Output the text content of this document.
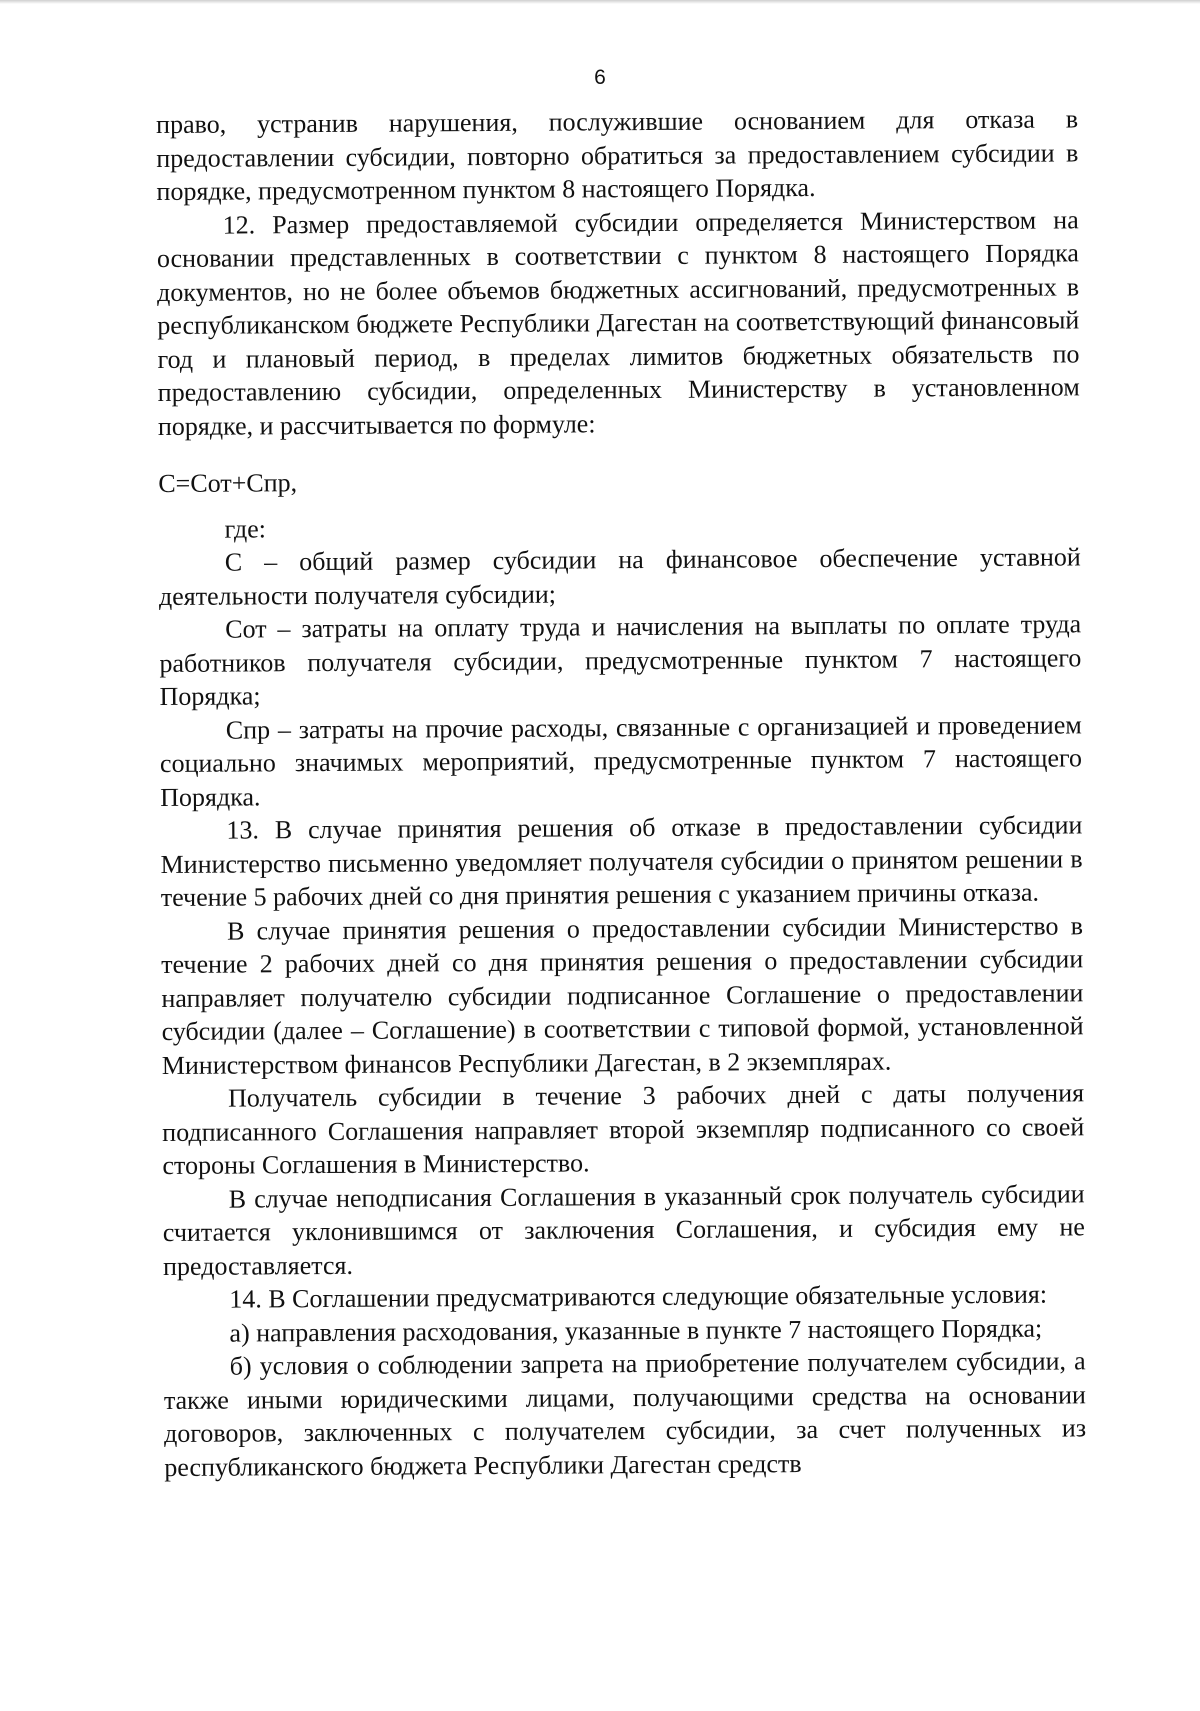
6

право, устранив нарушения, послужившие основанием для отказа в предоставлении субсидии, повторно обратиться за предоставлением субсидии в порядке, предусмотренном пунктом 8 настоящего Порядка.

12. Размер предоставляемой субсидии определяется Министерством на основании представленных в соответствии с пунктом 8 настоящего Порядка документов, но не более объемов бюджетных ассигнований, предусмотренных в республиканском бюджете Республики Дагестан на соответствующий финансовый год и плановый период, в пределах лимитов бюджетных обязательств по предоставлению субсидии, определенных Министерству в установленном порядке, и рассчитывается по формуле:

С=Сот+Спр,

где:

С – общий размер субсидии на финансовое обеспечение уставной деятельности получателя субсидии;

Сот – затраты на оплату труда и начисления на выплаты по оплате труда работников получателя субсидии, предусмотренные пунктом 7 настоящего Порядка;

Спр – затраты на прочие расходы, связанные с организацией и проведением социально значимых мероприятий, предусмотренные пунктом 7 настоящего Порядка.

13. В случае принятия решения об отказе в предоставлении субсидии Министерство письменно уведомляет получателя субсидии о принятом решении в течение 5 рабочих дней со дня принятия решения с указанием причины отказа.

В случае принятия решения о предоставлении субсидии Министерство в течение 2 рабочих дней со дня принятия решения о предоставлении субсидии направляет получателю субсидии подписанное Соглашение о предоставлении субсидии (далее – Соглашение) в соответствии с типовой формой, установленной Министерством финансов Республики Дагестан, в 2 экземплярах.

Получатель субсидии в течение 3 рабочих дней с даты получения подписанного Соглашения направляет второй экземпляр подписанного со своей стороны Соглашения в Министерство.

В случае неподписания Соглашения в указанный срок получатель субсидии считается уклонившимся от заключения Соглашения, и субсидия ему не предоставляется.

14. В Соглашении предусматриваются следующие обязательные условия:

а) направления расходования, указанные в пункте 7 настоящего Порядка;

б) условия о соблюдении запрета на приобретение получателем субсидии, а также иными юридическими лицами, получающими средства на основании договоров, заключенных с получателем субсидии, за счет полученных из республиканского бюджета Республики Дагестан средств
